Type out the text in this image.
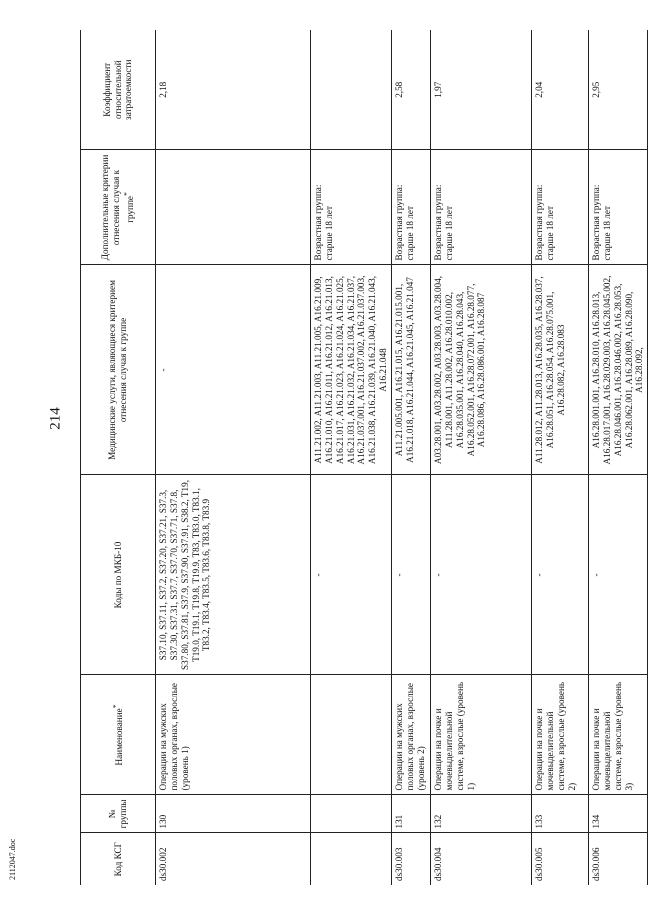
214
2112047.doc	Код КСГ	№ группы	Наименование*	Коды по МКБ-10	Медицинские услуги, являющиеся критерием отнесения случая к группе	Дополнительные критерии отнесения случая к группе*	Коэффициент относительной затратоемкости
ds30.002	130	Операции на мужских половых органах, взрослые (уровень 1)	S37.10, S37.11, S37.2, S37.20, S37.21, S37.3, S37.30, S37.31, S37.7, S37.70, S37.71, S37.8, S37.80, S37.81, S37.9, S37.90, S37.91, S38.2, T19, T19.0, T19.1, T19.8, T19.9, T83, T83.0, T83.1, T83.2, T83.4, T83.5, T83.6, T83.8, T83.9	-		2,18
			-	A11.21.002, A11.21.003, A11.21.005, A16.21.009, A16.21.010, A16.21.011, A16.21.012, A16.21.013, A16.21.017, A16.21.023, A16.21.024, A16.21.025, A16.21.031, A16.21.032, A16.21.034, A16.21.037, A16.21.037.001, A16.21.037.002, A16.21.037.003, A16.21.038, A16.21.039, A16.21.040, A16.21.043, A16.21.048	Возрастная группа: старше 18 лет	
ds30.003	131	Операции на мужских половых органах, взрослые (уровень 2)	-	A11.21.005.001, A16.21.015, A16.21.015.001, A16.21.018, A16.21.044, A16.21.045, A16.21.047	Возрастная группа: старше 18 лет	2,58
ds30.004	132	Операции на почке и мочевыделительной системе, взрослые (уровень 1)	-	A03.28.001, A03.28.002, A03.28.003, A03.28.004, A11.28.001, A11.28.002, A16.28.010.002, A16.28.035.001, A16.28.040, A16.28.043, A16.28.052.001, A16.28.072.001, A16.28.077, A16.28.086, A16.28.086.001, A16.28.087	Возрастная группа: старше 18 лет	1,97
ds30.005	133	Операции на почке и мочевыделительной системе, взрослые (уровень 2)	-	A11.28.012, A11.28.013, A16.28.035, A16.28.037, A16.28.051, A16.28.054, A16.28.075.001, A16.28.082, A16.28.083	Возрастная группа: старше 18 лет	2,04
ds30.006	134	Операции на почке и мочевыделительной системе, взрослые (уровень 3)	-	A16.28.001.001, A16.28.010, A16.28.013, A16.28.017.001, A16.28.029.003, A16.28.045.002, A16.28.046.001, A16.28.046.002, A16.28.053, A16.28.062.001, A16.28.089, A16.28.090, A16.28.092,	Возрастная группа: старше 18 лет	2,95
